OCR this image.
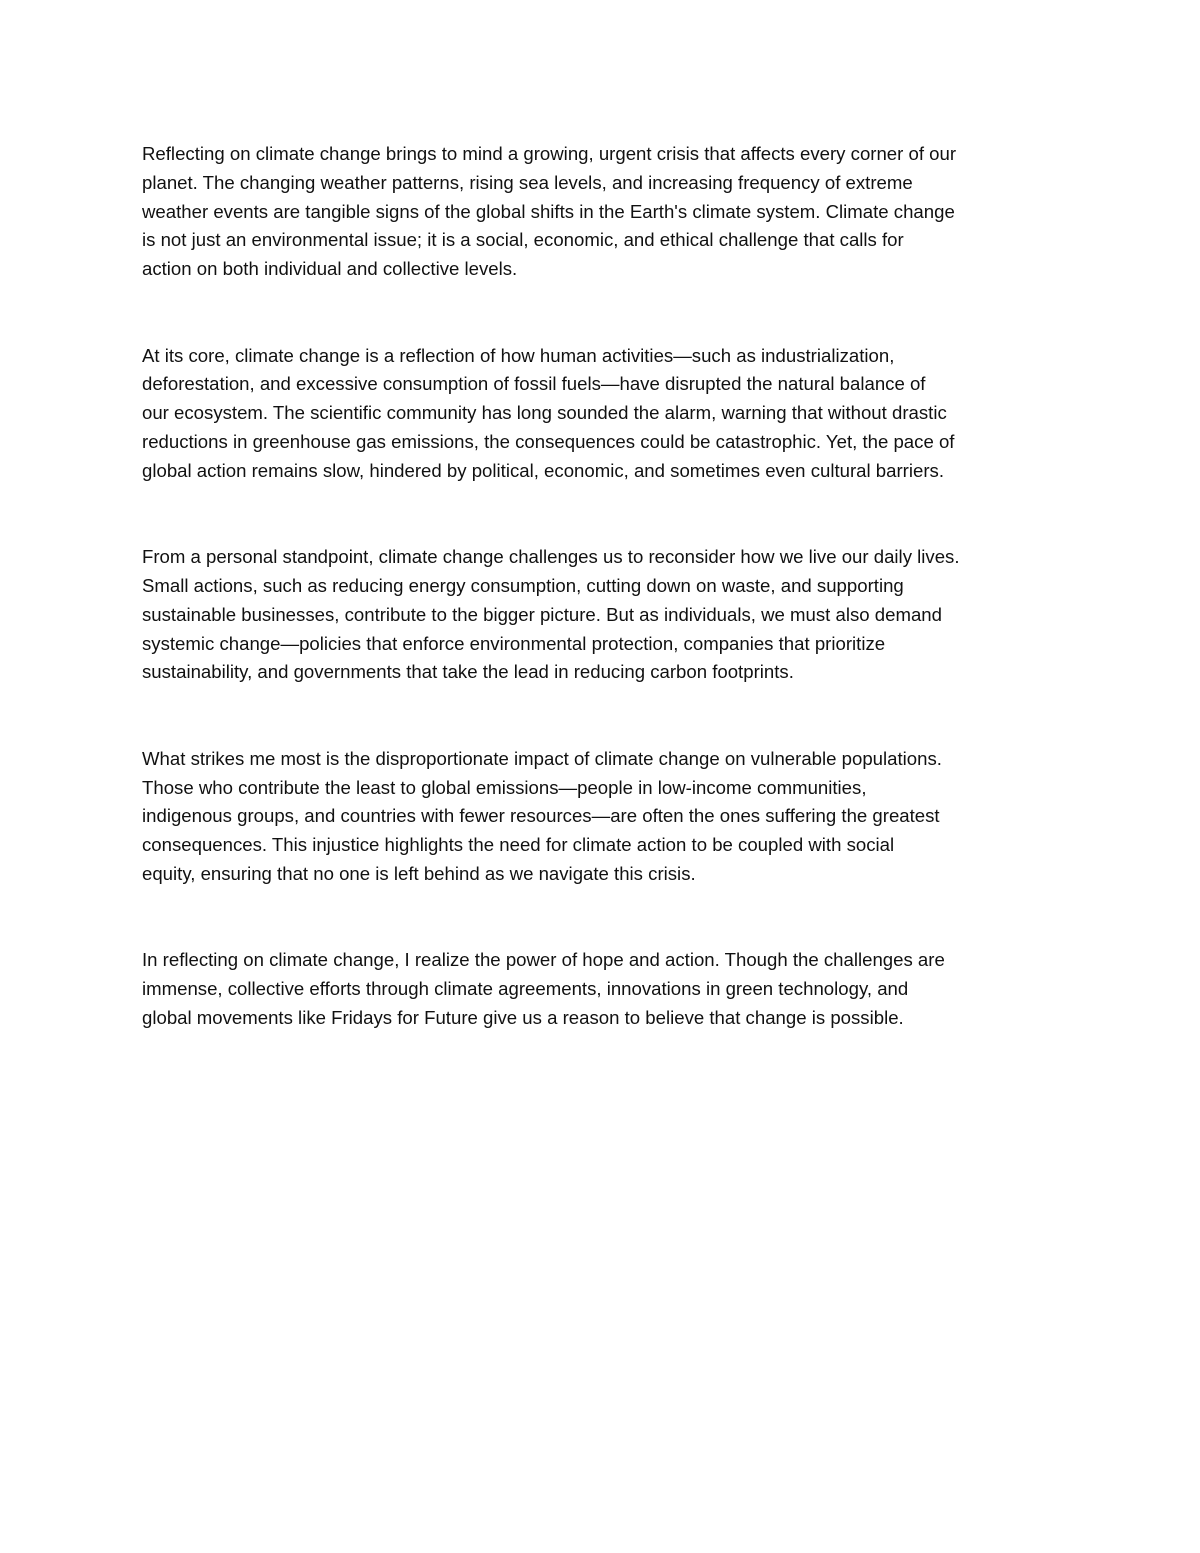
Reflecting on climate change brings to mind a growing, urgent crisis that affects every corner of our
planet. The changing weather patterns, rising sea levels, and increasing frequency of extreme
weather events are tangible signs of the global shifts in the Earth's climate system. Climate change
is not just an environmental issue; it is a social, economic, and ethical challenge that calls for
action on both individual and collective levels.

At its core, climate change is a reflection of how human activities—such as industrialization,
deforestation, and excessive consumption of fossil fuels—have disrupted the natural balance of
our ecosystem. The scientific community has long sounded the alarm, warning that without drastic
reductions in greenhouse gas emissions, the consequences could be catastrophic. Yet, the pace of
global action remains slow, hindered by political, economic, and sometimes even cultural barriers.

From a personal standpoint, climate change challenges us to reconsider how we live our daily lives.
Small actions, such as reducing energy consumption, cutting down on waste, and supporting
sustainable businesses, contribute to the bigger picture. But as individuals, we must also demand
systemic change—policies that enforce environmental protection, companies that prioritize
sustainability, and governments that take the lead in reducing carbon footprints.

What strikes me most is the disproportionate impact of climate change on vulnerable populations.
Those who contribute the least to global emissions—people in low-income communities,
indigenous groups, and countries with fewer resources—are often the ones suffering the greatest
consequences. This injustice highlights the need for climate action to be coupled with social
equity, ensuring that no one is left behind as we navigate this crisis.

In reflecting on climate change, I realize the power of hope and action. Though the challenges are
immense, collective efforts through climate agreements, innovations in green technology, and
global movements like Fridays for Future give us a reason to believe that change is possible.
